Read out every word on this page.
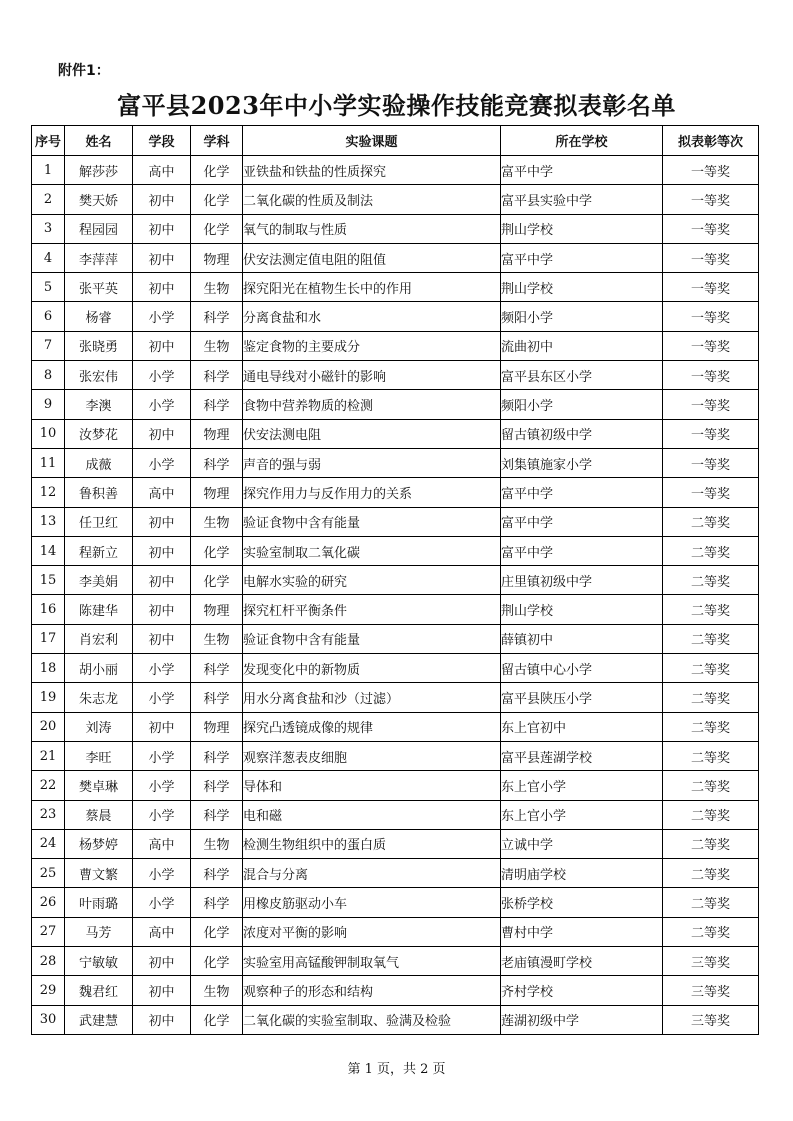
附件1：
富平县2023年中小学实验操作技能竞赛拟表彰名单
序号	姓名	学段	学科	实验课题	所在学校	拟表彰等次
1	解莎莎	高中	化学	亚铁盐和铁盐的性质探究	富平中学	一等奖
2	樊天娇	初中	化学	二氧化碳的性质及制法	富平县实验中学	一等奖
3	程园园	初中	化学	氧气的制取与性质	荆山学校	一等奖
4	李萍萍	初中	物理	伏安法测定值电阻的阻值	富平中学	一等奖
5	张平英	初中	生物	探究阳光在植物生长中的作用	荆山学校	一等奖
6	杨睿	小学	科学	分离食盐和水	频阳小学	一等奖
7	张晓勇	初中	生物	鉴定食物的主要成分	流曲初中	一等奖
8	张宏伟	小学	科学	通电导线对小磁针的影响	富平县东区小学	一等奖
9	李澳	小学	科学	食物中营养物质的检测	频阳小学	一等奖
10	汝梦花	初中	物理	伏安法测电阻	留古镇初级中学	一等奖
11	成薇	小学	科学	声音的强与弱	刘集镇施家小学	一等奖
12	鲁积善	高中	物理	探究作用力与反作用力的关系	富平中学	一等奖
13	任卫红	初中	生物	验证食物中含有能量	富平中学	二等奖
14	程新立	初中	化学	实验室制取二氧化碳	富平中学	二等奖
15	李美娟	初中	化学	电解水实验的研究	庄里镇初级中学	二等奖
16	陈建华	初中	物理	探究杠杆平衡条件	荆山学校	二等奖
17	肖宏利	初中	生物	验证食物中含有能量	薛镇初中	二等奖
18	胡小丽	小学	科学	发现变化中的新物质	留古镇中心小学	二等奖
19	朱志龙	小学	科学	用水分离食盐和沙（过滤）	富平县陕压小学	二等奖
20	刘涛	初中	物理	探究凸透镜成像的规律	东上官初中	二等奖
21	李旺	小学	科学	观察洋葱表皮细胞	富平县莲湖学校	二等奖
22	樊卓琳	小学	科学	导体和	东上官小学	二等奖
23	蔡晨	小学	科学	电和磁	东上官小学	二等奖
24	杨梦婷	高中	生物	检测生物组织中的蛋白质	立诚中学	二等奖
25	曹文繁	小学	科学	混合与分离	清明庙学校	二等奖
26	叶雨璐	小学	科学	用橡皮筋驱动小车	张桥学校	二等奖
27	马芳	高中	化学	浓度对平衡的影响	曹村中学	二等奖
28	宁敏敏	初中	化学	实验室用高锰酸钾制取氧气	老庙镇漫町学校	三等奖
29	魏君红	初中	生物	观察种子的形态和结构	齐村学校	三等奖
30	武建慧	初中	化学	二氧化碳的实验室制取、验满及检验	莲湖初级中学	三等奖
第 1 页，共 2 页
